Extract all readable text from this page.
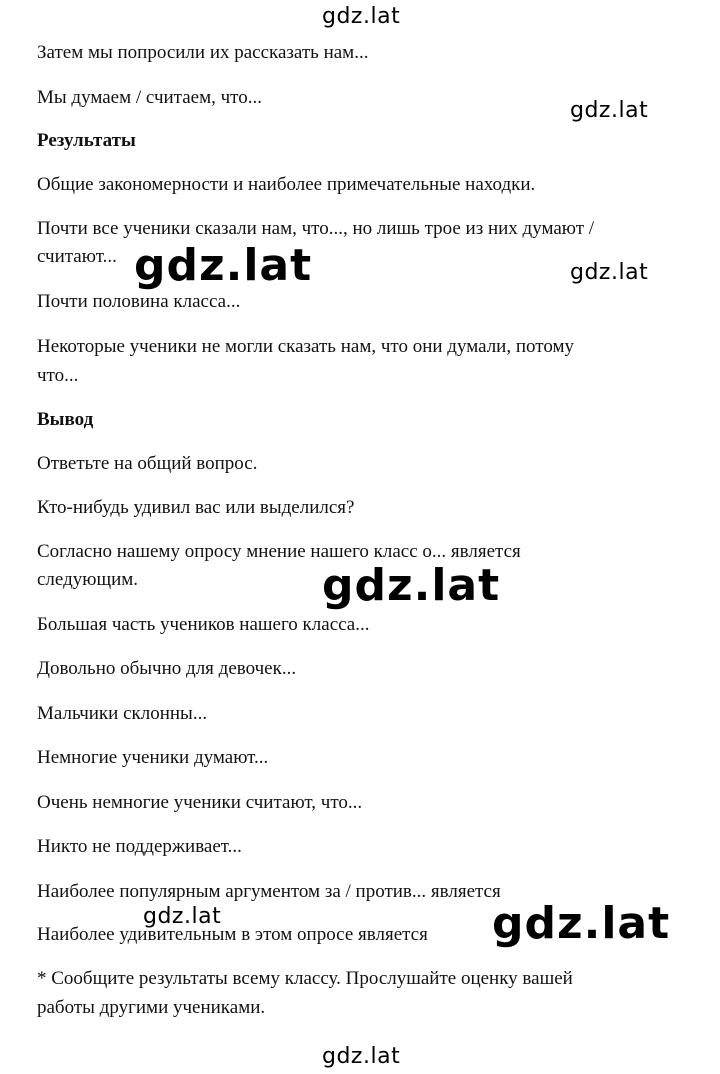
gdz.lat
gdz.lat
gdz.lat	gdz.lat
gdz.lat
gdz.lat	gdz.lat
gdz.lat
Затем мы попросили их рассказать нам...
Мы думаем / считаем, что...
Результаты
Общие закономерности и наиболее примечательные находки.
Почти все ученики сказали нам, что..., но лишь трое из них думают /
считают...
Почти половина класса...
Некоторые ученики не могли сказать нам, что они думали, потому
что...
Вывод
Ответьте на общий вопрос.
Кто-нибудь удивил вас или выделился?
Согласно нашему опросу мнение нашего класс о... является
следующим.
Большая часть учеников нашего класса...
Довольно обычно для девочек...
Мальчики склонны...
Немногие ученики думают...
Очень немногие ученики считают, что...
Никто не поддерживает...
Наиболее популярным аргументом за / против... является
Наиболее удивительным в этом опросе является
* Сообщите результаты всему классу. Прослушайте оценку вашей
работы другими учениками.
